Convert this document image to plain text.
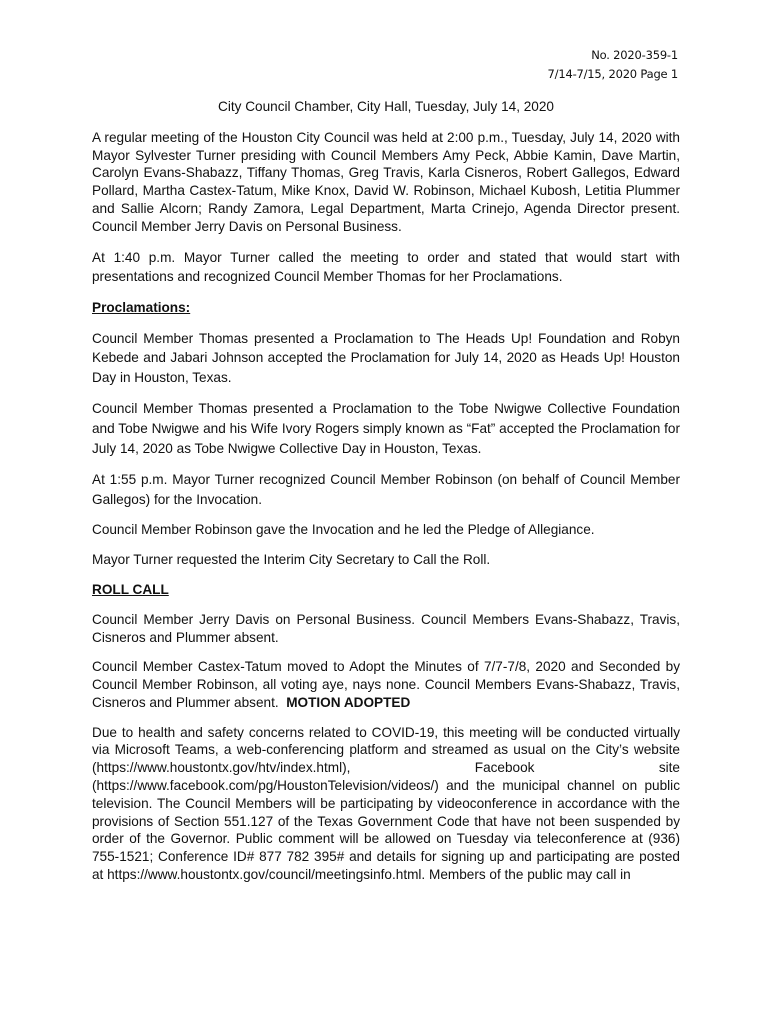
No. 2020-359-1
7/14-7/15, 2020 Page 1
City Council Chamber, City Hall, Tuesday, July 14, 2020

A regular meeting of the Houston City Council was held at 2:00 p.m., Tuesday, July 14, 2020 with Mayor Sylvester Turner presiding with Council Members Amy Peck, Abbie Kamin, Dave Martin, Carolyn Evans-Shabazz, Tiffany Thomas, Greg Travis, Karla Cisneros, Robert Gallegos, Edward Pollard, Martha Castex-Tatum, Mike Knox, David W. Robinson, Michael Kubosh, Letitia Plummer and Sallie Alcorn; Randy Zamora, Legal Department, Marta Crinejo, Agenda Director present. Council Member Jerry Davis on Personal Business.

At 1:40 p.m. Mayor Turner called the meeting to order and stated that would start with presentations and recognized Council Member Thomas for her Proclamations.

Proclamations:

Council Member Thomas presented a Proclamation to The Heads Up! Foundation and Robyn Kebede and Jabari Johnson accepted the Proclamation for July 14, 2020 as Heads Up! Houston Day in Houston, Texas.

Council Member Thomas presented a Proclamation to the Tobe Nwigwe Collective Foundation and Tobe Nwigwe and his Wife Ivory Rogers simply known as “Fat” accepted the Proclamation for July 14, 2020 as Tobe Nwigwe Collective Day in Houston, Texas.

At 1:55 p.m. Mayor Turner recognized Council Member Robinson (on behalf of Council Member Gallegos) for the Invocation.

Council Member Robinson gave the Invocation and he led the Pledge of Allegiance.

Mayor Turner requested the Interim City Secretary to Call the Roll.

ROLL CALL

Council Member Jerry Davis on Personal Business. Council Members Evans-Shabazz, Travis, Cisneros and Plummer absent.

Council Member Castex-Tatum moved to Adopt the Minutes of 7/7-7/8, 2020 and Seconded by Council Member Robinson, all voting aye, nays none. Council Members Evans-Shabazz, Travis, Cisneros and Plummer absent. MOTION ADOPTED

Due to health and safety concerns related to COVID-19, this meeting will be conducted virtually via Microsoft Teams, a web-conferencing platform and streamed as usual on the City’s website (https://www.houstontx.gov/htv/index.html), Facebook site
(https://www.facebook.com/pg/HoustonTelevision/videos/) and the municipal channel on public television. The Council Members will be participating by videoconference in accordance with the provisions of Section 551.127 of the Texas Government Code that have not been suspended by order of the Governor. Public comment will be allowed on Tuesday via teleconference at (936) 755-1521; Conference ID# 877 782 395# and details for signing up and participating are posted at https://www.houstontx.gov/council/meetingsinfo.html. Members of the public may call in
